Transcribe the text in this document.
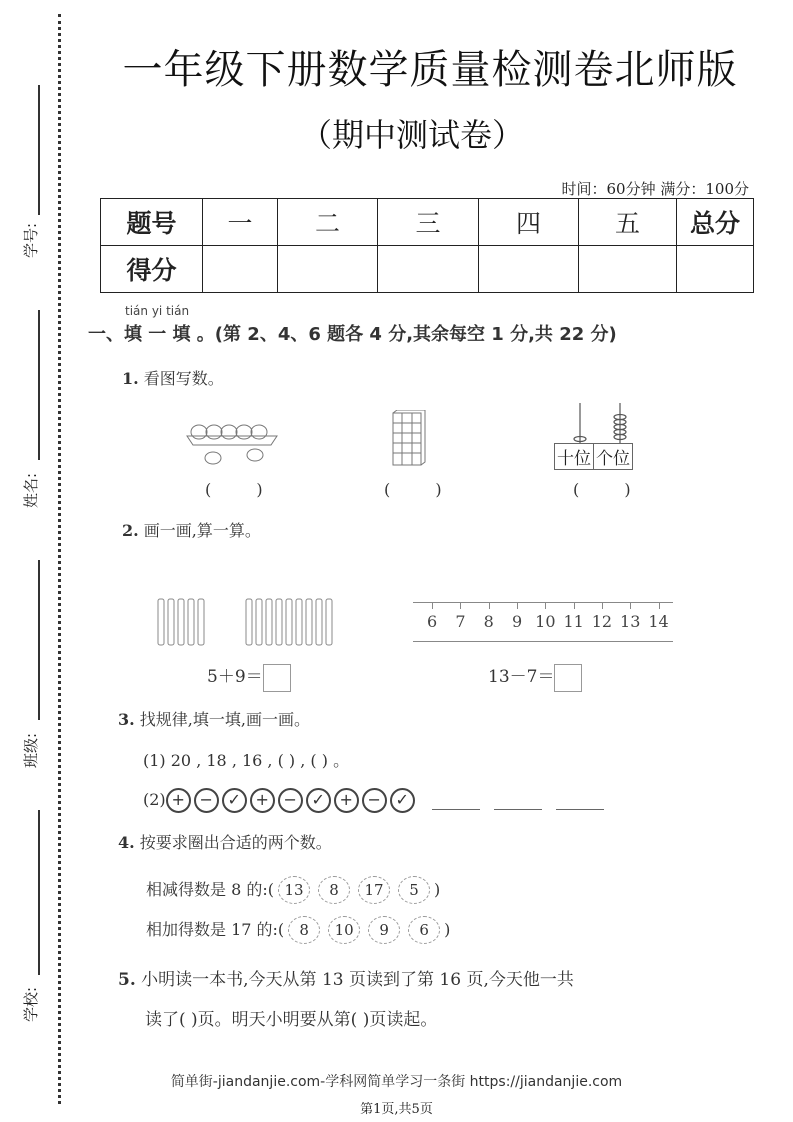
学号:
姓名:
班级:
学校:
一年级下册数学质量检测卷北师版
（期中测试卷）
时间：60分钟 满分：100分
题号	一	二	三	四	五	总分
得分						
tián yi tián
一、填 一 填 。(第 2、4、6 题各 4 分,其余每空 1 分,共 22 分)
1. 看图写数。
十位 个位
( )	( )	( )
2. 画一画,算一算。
5＋9＝
6	7	8	9 10 11 12 13 14
13－7＝
3. 找规律,填一填,画一画。
(1) 20 , 18 , 16 , ( ) , ( ) 。
(2) + − ✓ + − ✓ + − ✓
4. 按要求圈出合适的两个数。
相减得数是 8 的:( 13 8 17 5 )
相加得数是 17 的:( 8 10 9 6 )
5. 小明读一本书,今天从第 13 页读到了第 16 页,今天他一共
读了( )页。明天小明要从第( )页读起。
简单街-jiandanjie.com-学科网简单学习一条街 https://jiandanjie.com
第1页,共5页
